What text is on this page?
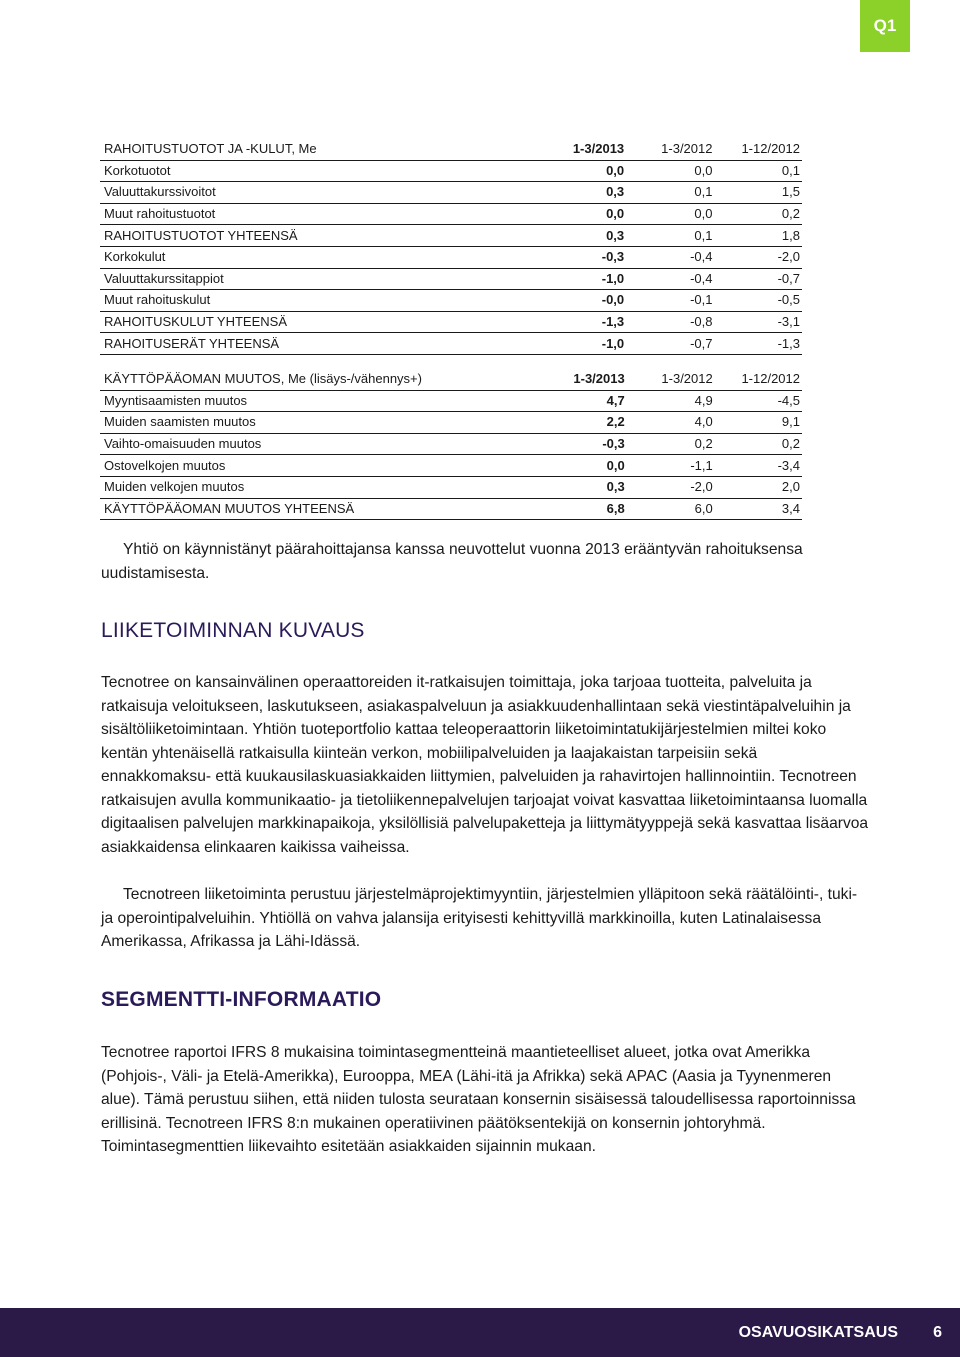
Q1
RAHOITUSTUOTOT JA -KULUT, Me	1-3/2013	1-3/2012	1-12/2012
Korkotuotot	0,0	0,0	0,1
Valuuttakurssivoitot	0,3	0,1	1,5
Muut rahoitustuotot	0,0	0,0	0,2
RAHOITUSTUOTOT YHTEENSÄ	0,3	0,1	1,8
Korkokulut	-0,3	-0,4	-2,0
Valuuttakurssitappiot	-1,0	-0,4	-0,7
Muut rahoituskulut	-0,0	-0,1	-0,5
RAHOITUSKULUT YHTEENSÄ	-1,3	-0,8	-3,1
RAHOITUSERÄT YHTEENSÄ	-1,0	-0,7	-1,3
KÄYTTÖPÄÄOMAN MUUTOS, Me (lisäys-/vähennys+)	1-3/2013	1-3/2012	1-12/2012
Myyntisaamisten muutos	4,7	4,9	-4,5
Muiden saamisten muutos	2,2	4,0	9,1
Vaihto-omaisuuden muutos	-0,3	0,2	0,2
Ostovelkojen muutos	0,0	-1,1	-3,4
Muiden velkojen muutos	0,3	-2,0	2,0
KÄYTTÖPÄÄOMAN MUUTOS YHTEENSÄ	6,8	6,0	3,4

Yhtiö on käynnistänyt päärahoittajansa kanssa neuvottelut vuonna 2013 erääntyvän rahoituksensa uudistamisesta.

LIIKETOIMINNAN KUVAUS

Tecnotree on kansainvälinen operaattoreiden it-ratkaisujen toimittaja, joka tarjoaa tuotteita, palveluita ja ratkaisuja veloitukseen, laskutukseen, asiakaspalveluun ja asiakkuudenhallintaan sekä viestintäpalveluihin ja sisältöliiketoimintaan. Yhtiön tuoteportfolio kattaa teleoperaattorin liiketoimintatukijärjestelmien miltei koko kentän yhtenäisellä ratkaisulla kiinteän verkon, mobiilipalveluiden ja laajakaistan tarpeisiin sekä ennakkomaksu- että kuukausilaskuasiakkaiden liittymien, palveluiden ja rahavirtojen hallinnointiin. Tecnotreen ratkaisujen avulla kommunikaatio- ja tietoliikennepalvelujen tarjoajat voivat kasvattaa liiketoimintaansa luomalla digitaalisen palvelujen markkinapaikoja, yksilöllisiä palvelupaketteja ja liittymätyyppejä sekä kasvattaa lisäarvoa asiakkaidensa elinkaaren kaikissa vaiheissa.

Tecnotreen liiketoiminta perustuu järjestelmäprojektimyyntiin, järjestelmien ylläpitoon sekä räätälöinti-, tuki- ja operointipalveluihin. Yhtiöllä on vahva jalansija erityisesti kehittyvillä markkinoilla, kuten Latinalaisessa Amerikassa, Afrikassa ja Lähi-Idässä.

SEGMENTTI-INFORMAATIO

Tecnotree raportoi IFRS 8 mukaisina toimintasegmentteinä maantieteelliset alueet, jotka ovat Amerikka (Pohjois-, Väli- ja Etelä-Amerikka), Eurooppa, MEA (Lähi-itä ja Afrikka) sekä APAC (Aasia ja Tyynenmeren alue). Tämä perustuu siihen, että niiden tulosta seurataan konsernin sisäisessä taloudellisessa raportoinnissa erillisinä. Tecnotreen IFRS 8:n mukainen operatiivinen päätöksentekijä on konsernin johtoryhmä. Toimintasegmenttien liikevaihto esitetään asiakkaiden sijainnin mukaan.

OSAVUOSIKATSAUS 6
